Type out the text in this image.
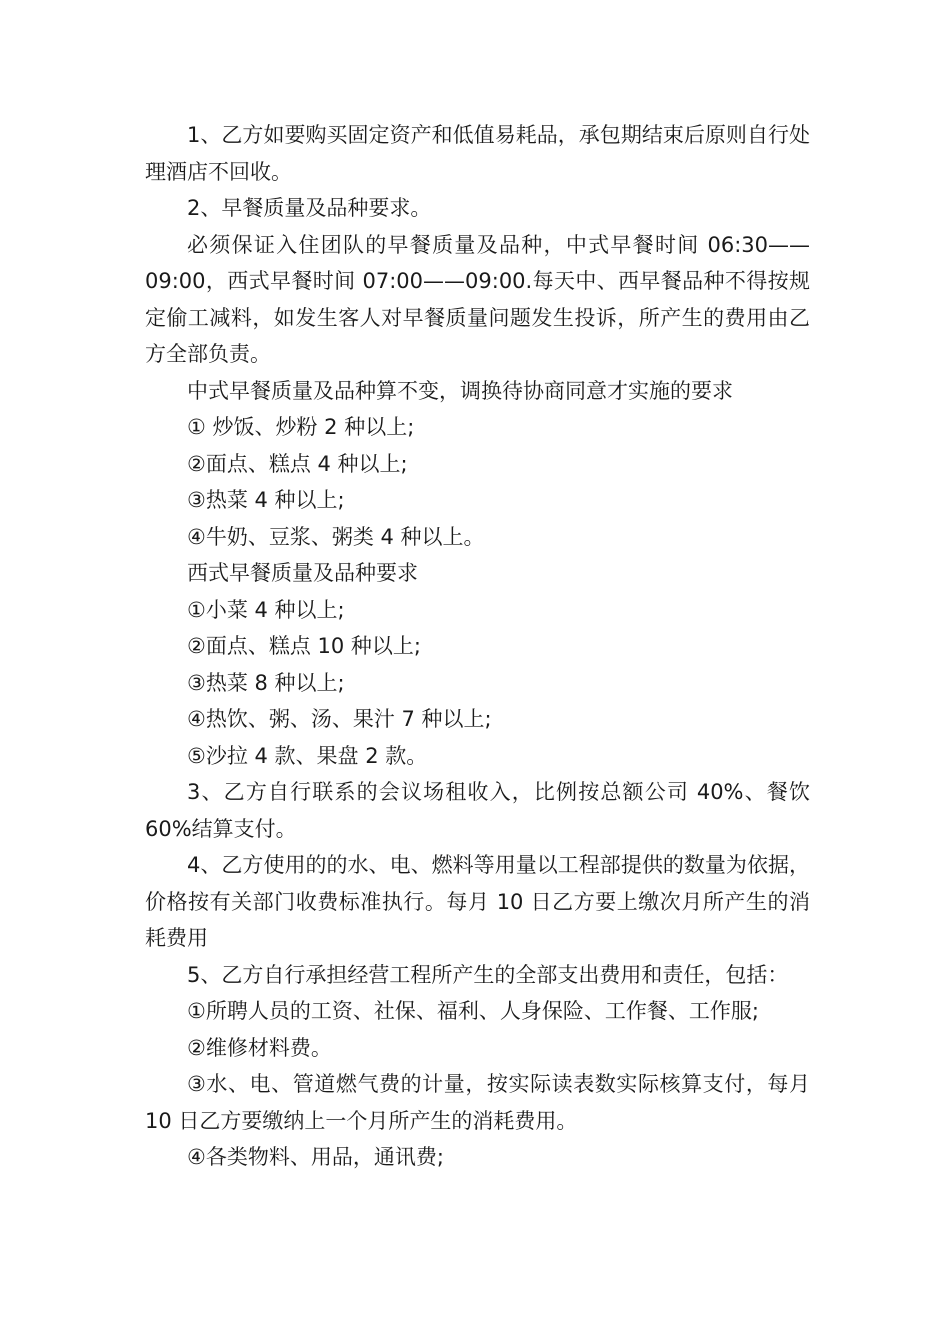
1、乙方如要购买固定资产和低值易耗品，承包期结束后原则自行处理酒店不回收。

2、早餐质量及品种要求。

必须保证入住团队的早餐质量及品种，中式早餐时间 06:30——09:00，西式早餐时间 07:00——09:00.每天中、西早餐品种不得按规定偷工减料，如发生客人对早餐质量问题发生投诉，所产生的费用由乙方全部负责。

中式早餐质量及品种算不变，调换待协商同意才实施的要求

① 炒饭、炒粉 2 种以上;

②面点、糕点 4 种以上;

③热菜 4 种以上;

④牛奶、豆浆、粥类 4 种以上。

西式早餐质量及品种要求

①小菜 4 种以上;

②面点、糕点 10 种以上;

③热菜 8 种以上;

④热饮、粥、汤、果汁 7 种以上;

⑤沙拉 4 款、果盘 2 款。

3、乙方自行联系的会议场租收入，比例按总额公司 40%、餐饮 60%结算支付。

4、乙方使用的的水、电、燃料等用量以工程部提供的数量为依据，价格按有关部门收费标准执行。每月 10 日乙方要上缴次月所产生的消耗费用

5、乙方自行承担经营工程所产生的全部支出费用和责任，包括：

①所聘人员的工资、社保、福利、人身保险、工作餐、工作服;

②维修材料费。

③水、电、管道燃气费的计量，按实际读表数实际核算支付，每月 10 日乙方要缴纳上一个月所产生的消耗费用。

④各类物料、用品，通讯费;
